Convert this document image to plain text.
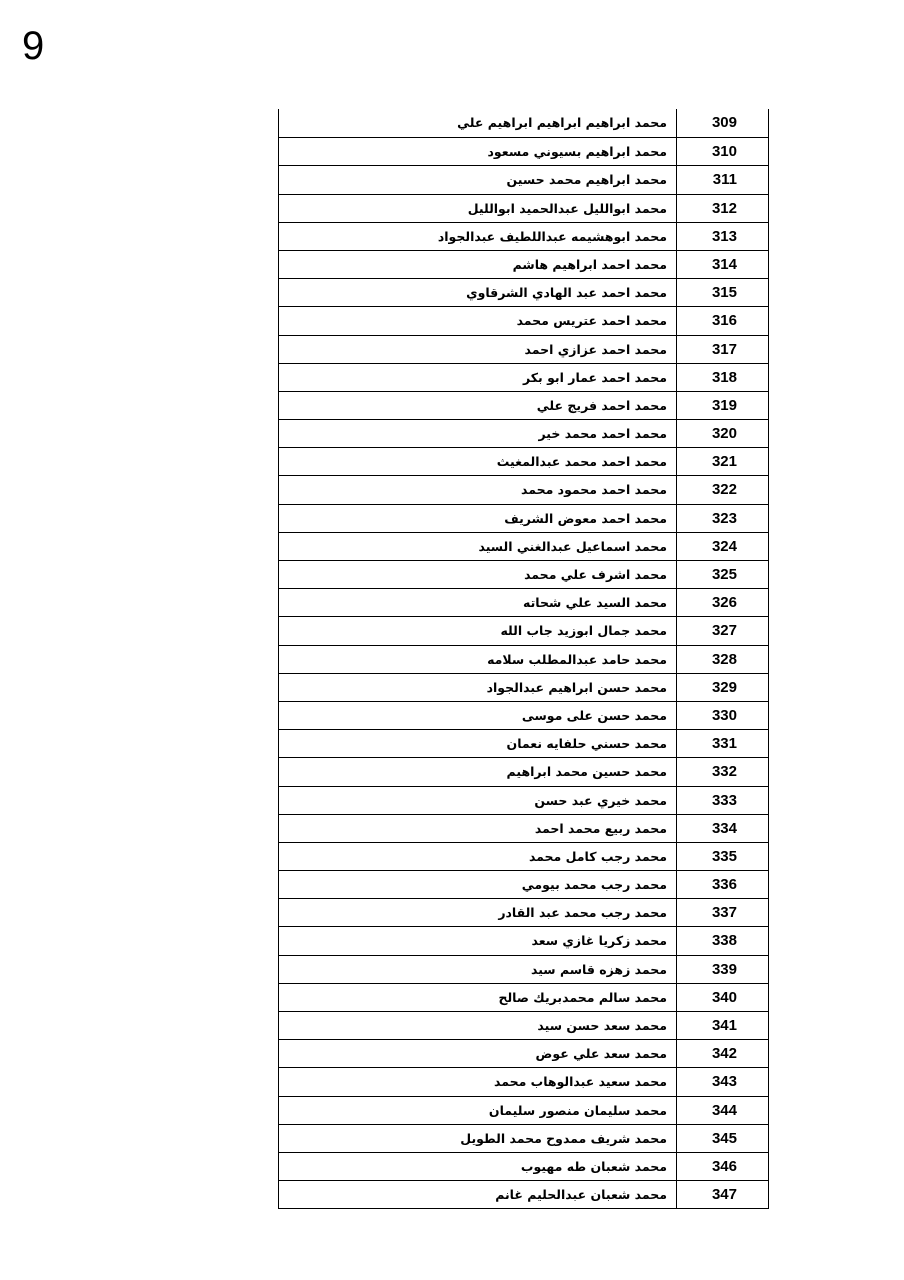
9
محمد ابراهيم ابراهيم ابراهيم علي	309
محمد ابراهيم بسيوني مسعود	310
محمد ابراهيم محمد حسين	311
محمد ابوالليل عبدالحميد ابوالليل	312
محمد ابوهشيمه عبداللطيف عبدالجواد	313
محمد احمد ابراهيم هاشم	314
محمد احمد عبد الهادي الشرقاوي	315
محمد احمد عتريس محمد	316
محمد احمد عزازي احمد	317
محمد احمد عمار ابو بكر	318
محمد احمد فريج علي	319
محمد احمد محمد خير	320
محمد احمد محمد عبدالمغيث	321
محمد احمد محمود محمد	322
محمد احمد معوض الشريف	323
محمد اسماعيل عبدالغني السيد	324
محمد اشرف علي محمد	325
محمد السيد علي شحاته	326
محمد جمال ابوزيد جاب الله	327
محمد حامد عبدالمطلب سلامه	328
محمد حسن ابراهيم عبدالجواد	329
محمد حسن على موسى	330
محمد حسني حلفايه نعمان	331
محمد حسين محمد ابراهيم	332
محمد خيري عبد حسن	333
محمد ربيع محمد احمد	334
محمد رجب كامل محمد	335
محمد رجب محمد بيومي	336
محمد رجب محمد عبد القادر	337
محمد زكريا غازي سعد	338
محمد زهزه قاسم سيد	339
محمد سالم محمدبريك صالح	340
محمد سعد حسن سيد	341
محمد سعد علي عوض	342
محمد سعيد عبدالوهاب محمد	343
محمد سليمان منصور سليمان	344
محمد شريف ممدوح محمد الطويل	345
محمد شعبان طه مهيوب	346
محمد شعبان عبدالحليم غانم	347
